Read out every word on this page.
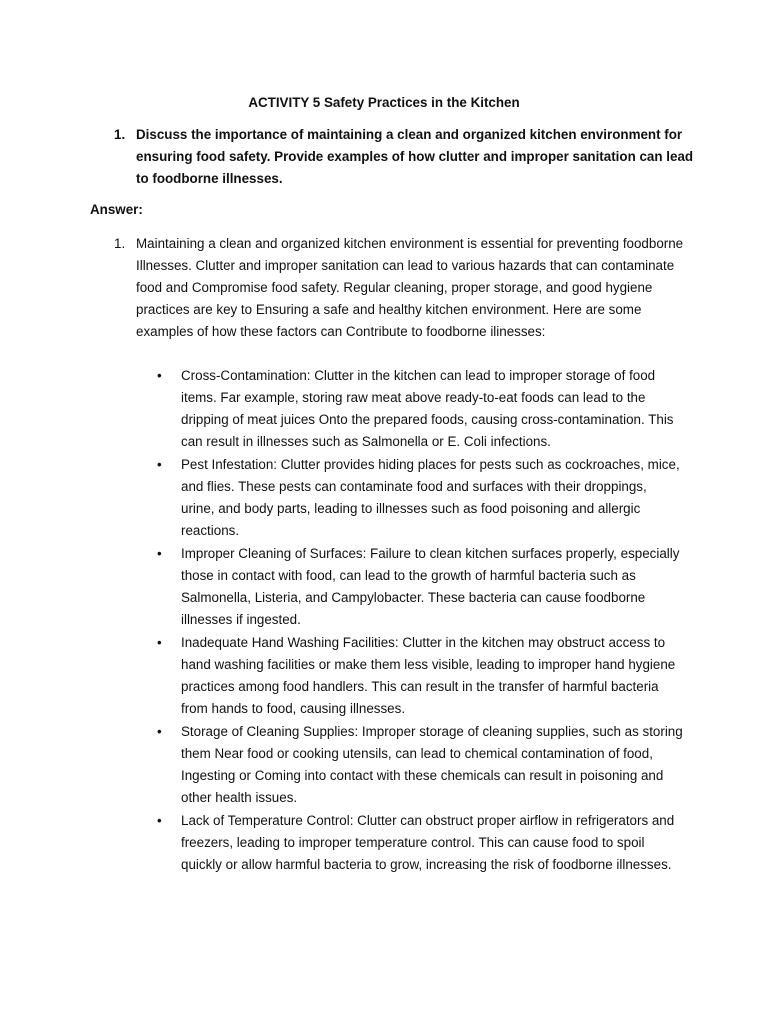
ACTIVITY 5 Safety Practices in the Kitchen
1. Discuss the importance of maintaining a clean and organized kitchen environment for ensuring food safety. Provide examples of how clutter and improper sanitation can lead to foodborne illnesses.
Answer:
1. Maintaining a clean and organized kitchen environment is essential for preventing foodborne Illnesses. Clutter and improper sanitation can lead to various hazards that can contaminate food and Compromise food safety. Regular cleaning, proper storage, and good hygiene practices are key to Ensuring a safe and healthy kitchen environment. Here are some examples of how these factors can Contribute to foodborne ilinesses:
• Cross-Contamination: Clutter in the kitchen can lead to improper storage of food items. Far example, storing raw meat above ready-to-eat foods can lead to the dripping of meat juices Onto the prepared foods, causing cross-contamination. This can result in illnesses such as Salmonella or E. Coli infections.
• Pest Infestation: Clutter provides hiding places for pests such as cockroaches, mice, and flies. These pests can contaminate food and surfaces with their droppings, urine, and body parts, leading to illnesses such as food poisoning and allergic reactions.
• Improper Cleaning of Surfaces: Failure to clean kitchen surfaces properly, especially those in contact with food, can lead to the growth of harmful bacteria such as Salmonella, Listeria, and Campylobacter. These bacteria can cause foodborne illnesses if ingested.
• Inadequate Hand Washing Facilities: Clutter in the kitchen may obstruct access to hand washing facilities or make them less visible, leading to improper hand hygiene practices among food handlers. This can result in the transfer of harmful bacteria from hands to food, causing illnesses.
• Storage of Cleaning Supplies: Improper storage of cleaning supplies, such as storing them Near food or cooking utensils, can lead to chemical contamination of food, Ingesting or Coming into contact with these chemicals can result in poisoning and other health issues.
• Lack of Temperature Control: Clutter can obstruct proper airflow in refrigerators and freezers, leading to improper temperature control. This can cause food to spoil quickly or allow harmful bacteria to grow, increasing the risk of foodborne illnesses.
